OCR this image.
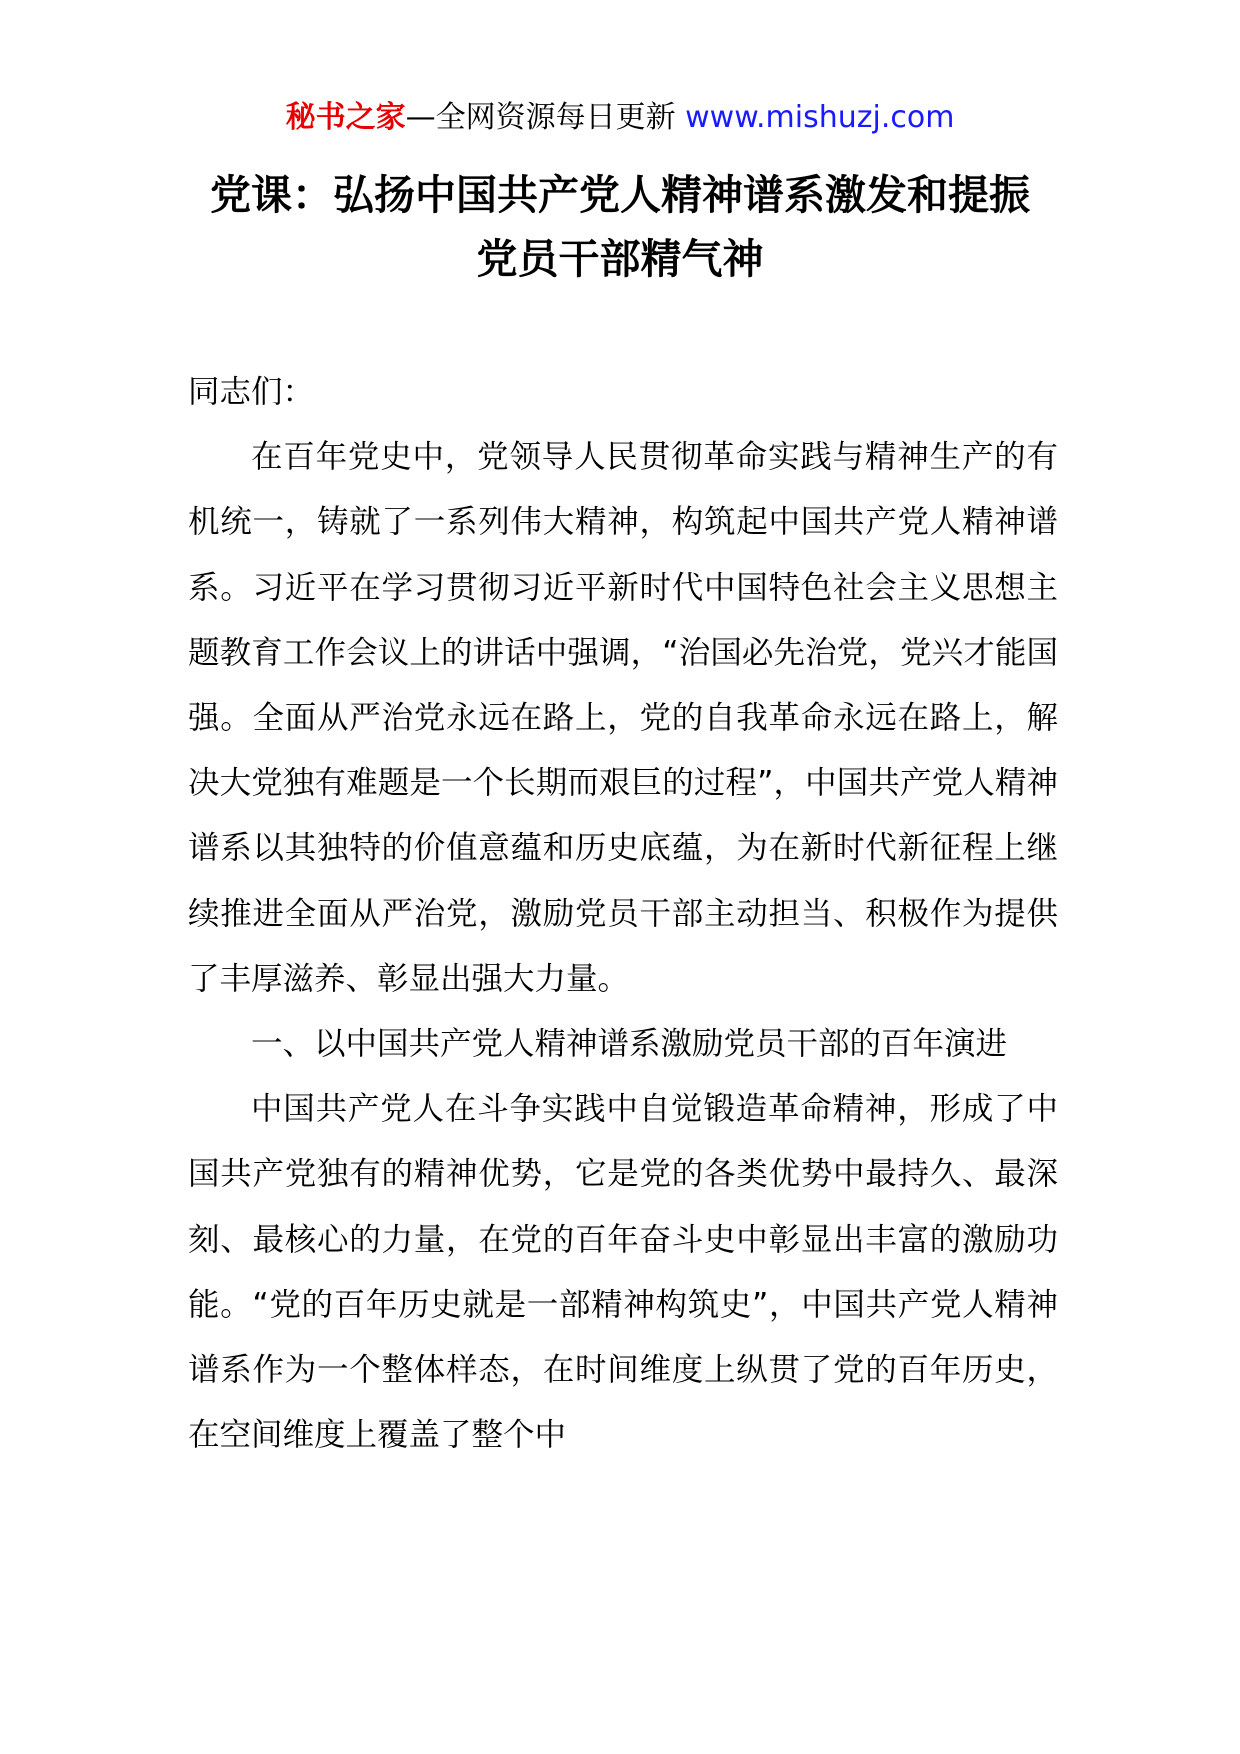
秘书之家—全网资源每日更新 www.mishuzj.com
党课：弘扬中国共产党人精神谱系激发和提振
党员干部精气神

同志们：

在百年党史中，党领导人民贯彻革命实践与精神生产的有机统一，铸就了一系列伟大精神，构筑起中国共产党人精神谱系。习近平在学习贯彻习近平新时代中国特色社会主义思想主题教育工作会议上的讲话中强调，“治国必先治党，党兴才能国强。全面从严治党永远在路上，党的自我革命永远在路上，解决大党独有难题是一个长期而艰巨的过程”，中国共产党人精神谱系以其独特的价值意蕴和历史底蕴，为在新时代新征程上继续推进全面从严治党，激励党员干部主动担当、积极作为提供了丰厚滋养、彰显出强大力量。

一、以中国共产党人精神谱系激励党员干部的百年演进

中国共产党人在斗争实践中自觉锻造革命精神，形成了中国共产党独有的精神优势，它是党的各类优势中最持久、最深刻、最核心的力量，在党的百年奋斗史中彰显出丰富的激励功能。“党的百年历史就是一部精神构筑史”，中国共产党人精神谱系作为一个整体样态，在时间维度上纵贯了党的百年历史，在空间维度上覆盖了整个中
